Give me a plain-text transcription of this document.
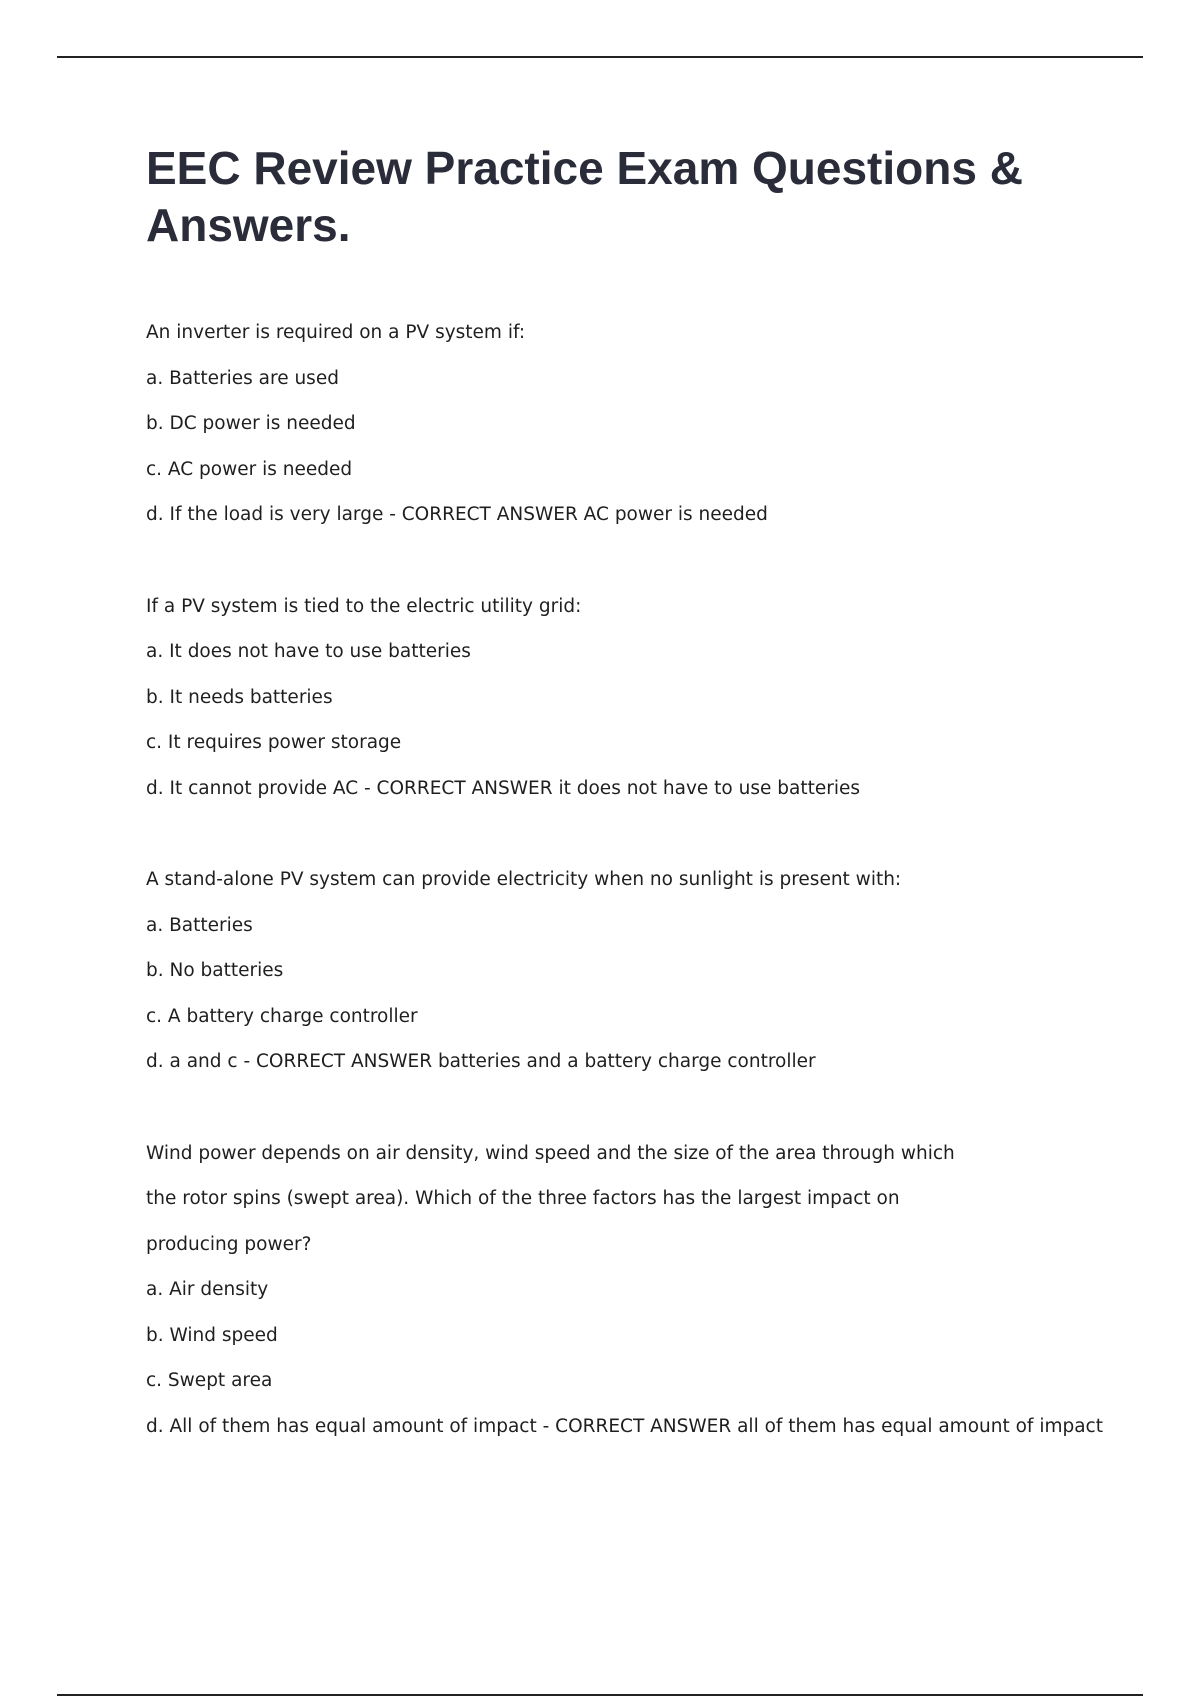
EEC Review Practice Exam Questions &
Answers.
An inverter is required on a PV system if:
a. Batteries are used
b. DC power is needed
c. AC power is needed
d. If the load is very large - CORRECT ANSWER AC power is needed
If a PV system is tied to the electric utility grid:
a. It does not have to use batteries
b. It needs batteries
c. It requires power storage
d. It cannot provide AC - CORRECT ANSWER it does not have to use batteries
A stand-alone PV system can provide electricity when no sunlight is present with:
a. Batteries
b. No batteries
c. A battery charge controller
d. a and c - CORRECT ANSWER batteries and a battery charge controller
Wind power depends on air density, wind speed and the size of the area through which
the rotor spins (swept area). Which of the three factors has the largest impact on
producing power?
a. Air density
b. Wind speed
c. Swept area
d. All of them has equal amount of impact - CORRECT ANSWER all of them has equal amount of impact
